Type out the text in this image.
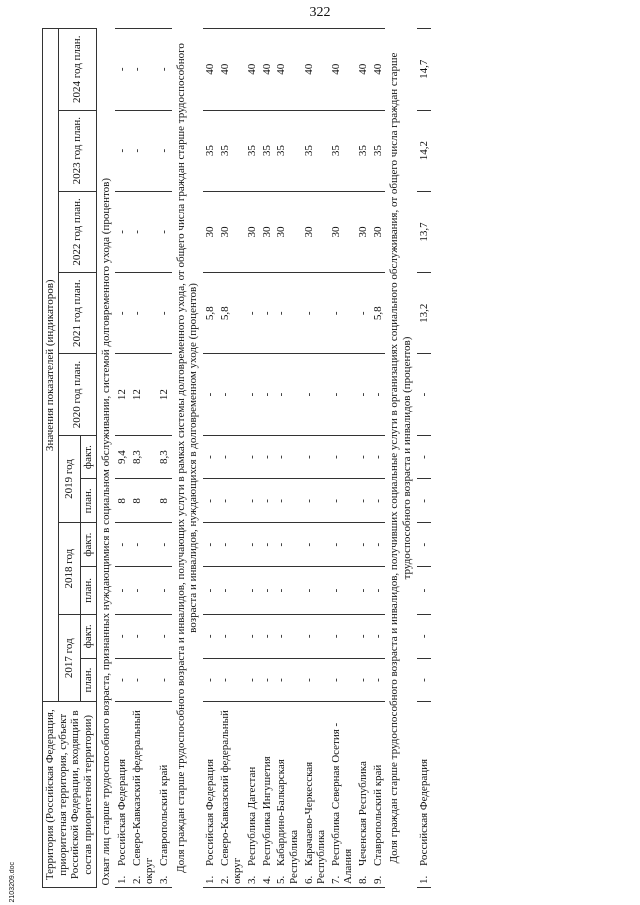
322
2103209.doc
Территория (Российская Федерация, приоритетная территория, субъект Российской Федерации, входящий в состав приоритетной территории)	Значения показателей (индикаторов)										
	2017 год		2018 год		2019 год		2020 год план.	2021 год план.	2022 год план.	2023 год план.	2024 год план.
	план.	факт.	план.	факт.	план.	факт.					
Охват лиц старше трудоспособного возраста, признанных нуждающимися в социальном обслуживании, системой долговременного ухода (процентов)											
1.Российская Федерация	-	-	-	-	8	9,4	12	-	-	-	-
2.Северо-Кавказский федеральный округ	-	-	-	-	8	8,3	12	-	-	-	-
3.Ставропольский край	-	-	-	-	8	8,3	12	-	-	-	-
Доля граждан старше трудоспособного возраста и инвалидов, получающих услуги в рамках системы долговременного ухода, от общего числа граждан старше трудоспособного возраста и инвалидов, нуждающихся в долговременном уходе (процентов)											
1.Российская Федерация	-	-	-	-	-	-	-	5,8	30	35	40
2.Северо-Кавказский федеральный округ	-	-	-	-	-	-	-	5,8	30	35	40
3.Республика Дагестан	-	-	-	-	-	-	-	-	30	35	40
4.Республика Ингушетия	-	-	-	-	-	-	-	-	30	35	40
5.Кабардино-Балкарская Республика	-	-	-	-	-	-	-	-	30	35	40
6.Карачаево-Черкесская Республика	-	-	-	-	-	-	-	-	30	35	40
7.Республика Северная Осетия - Алания	-	-	-	-	-	-	-	-	30	35	40
8.Чеченская Республика	-	-	-	-	-	-	-	-	30	35	40
9.Ставропольский край	-	-	-	-	-	-	-	5,8	30	35	40
Доля граждан старше трудоспособного возраста и инвалидов, получивших социальные услуги в организациях социального обслуживания, от общего числа граждан старше трудоспособного возраста и инвалидов (процентов)											
1.Российская Федерация	-	-	-	-	-	-	-	13,2	13,7	14,2	14,7
